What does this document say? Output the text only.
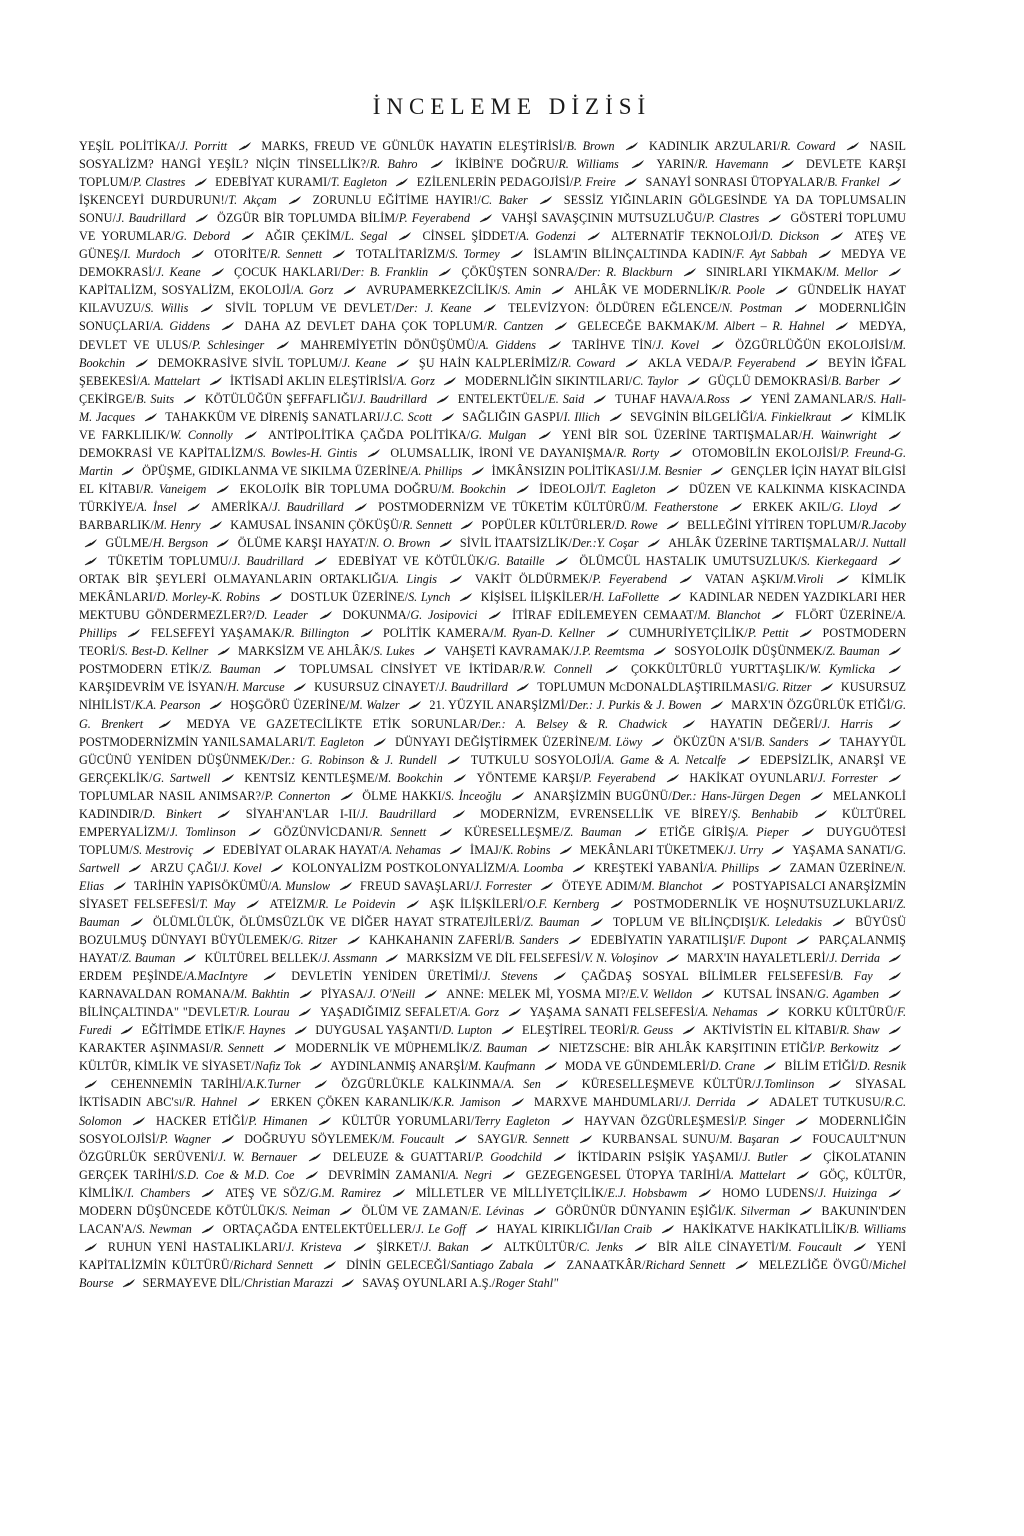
İNCELEME DİZİSİ
YEŞİL POLİTİKA/J. Porritt	MARKS, FREUD VE GÜNLÜK HAYATIN ELEŞTİRİSİ/B. Brown	KADINLIK ARZULARI/R. Coward	NASIL SOSYALİZM? HANGİ YEŞİL? NİÇİN TİNSELLİK?/R. Bahro	İKİBİN'E DOĞRU/R. Williams	YARIN/R. Havemann	DEVLETE KARŞI TOPLUM/P. Clastres EDEBİYAT KURAMI/T. Eagleton EZİLENLERİN PEDAGOJİSİ/P. Freire SANAYİ SONRASI ÜTOPYALAR/B. Frankel
İŞKENCEYİ DURDURUN!/T. Akçam	ZORUNLU EĞİTİME HAYIR!/C. Baker	SESSİZ YIĞINLARIN GÖLGESİNDE YA DA TOPLUMSALIN SONU/J. Baudrillard	ÖZGÜR BİR TOPLUMDA BİLİM/P. Feyerabend	VAHŞİ SAVAŞÇININ MUTSUZLUĞU/P. Clastres	GÖSTERİ TOPLUMU VE YORUMLAR/G. Debord	AĞIR ÇEKİM/L. Segal	CİNSEL ŞİDDET/A. Godenzi	ALTERNATİF TEKNOLOJİ/D. Dickson	ATEŞ VE GÜNEŞ/I. Murdoch	OTORİTE/R. Sennett	TOTALİTARİZM/S. Tormey	İSLAM'IN BİLİNÇALTINDA KADIN/F. Ayt Sabbah	MEDYA VE DEMOKRASİ/J. Keane	ÇOCUK HAKLARI/Der: B. Franklin	ÇÖKÜŞTEN SONRA/Der: R. Blackburn	SINIRLARI YIKMAK/M. Mellor
KAPİTALİZM, SOSYALİZM, EKOLOJİ/A. Gorz	AVRUPAMERKEZCİLİK/S. Amin	AHLÂK VE MODERNLİK/R. Poole	GÜNDELİK HAYAT KILAVUZU/S. Willis	SİVİL TOPLUM VE DEVLET/Der: J. Keane	TELEVİZYON: ÖLDÜREN EĞLENCE/N. Postman	MODERNLİĞİN SONUÇLARI/A. Giddens	DAHA AZ DEVLET DAHA ÇOK TOPLUM/R. Cantzen	GELECEĞE BAKMAK/M. Albert – R. Hahnel	MEDYA, DEVLET VE ULUS/P. Schlesinger	MAHREMİYETİN DÖNÜŞÜMÜ/A. Giddens	TARİHVE TİN/J. Kovel	ÖZGÜRLÜĞÜN EKOLOJİSİ/M. Bookchin	DEMOKRASİVE SİVİL TOPLUM/J. Keane	ŞU HAİN KALPLERİMİZ/R. Coward	AKLA VEDA/P. Feyerabend	BEYİN İĞFAL ŞEBEKESİ/A. Mattelart İKTİSADİ AKLIN ELEŞTİRİSİ/A. Gorz MODERNLİĞİN SIKINTILARI/C. Taylor GÜÇLÜ DEMOKRASİ/B. Barber
ÇEKİRGE/B. Suits	KÖTÜLÜĞÜN ŞEFFAFLIĞI/J. Baudrillard	ENTELEKTÜEL/E. Said	TUHAF HAVA/A.Ross	YENİ ZAMANLAR/S. Hall-M. Jacques TAHAKKÜM VE DİRENİŞ SANATLARI/J.C. Scott SAĞLIĞIN GASPI/I. Illich SEVGİNİN BİLGELİĞİ/A. Finkielkraut KİMLİK VE FARKLILIK/W. Connolly	ANTİPOLİTİKA ÇAĞDA POLİTİKA/G. Mulgan	YENİ BİR SOL ÜZERİNE TARTIŞMALAR/H. Wainwright
DEMOKRASİ VE KAPİTALİZM/S. Bowles-H. Gintis	OLUMSALLIK, İRONİ VE DAYANIŞMA/R. Rorty	OTOMOBİLİN EKOLOJİSİ/P. Freund-G. Martin ÖPÜŞME, GIDIKLANMA VE SIKILMA ÜZERİNE/A. Phillips İMKÂNSIZIN POLİTİKASI/J.M. Besnier GENÇLER İÇİN HAYAT BİLGİSİ EL KİTABI/R. Vaneigem	EKOLOJİK BİR TOPLUMA DOĞRU/M. Bookchin	İDEOLOJİ/T. Eagleton	DÜZEN VE KALKINMA KISKACINDA TÜRKİYE/A. İnsel	AMERİKA/J. Baudrillard	POSTMODERNİZM VE TÜKETİM KÜLTÜRÜ/M. Featherstone	ERKEK AKIL/G. Lloyd
BARBARLIK/M. Henry KAMUSAL İNSANIN ÇÖKÜŞÜ/R. Sennett POPÜLER KÜLTÜRLER/D. Rowe BELLEĞİNİ YİTİREN TOPLUM/R.Jacoby
GÜLME/H. Bergson ÖLÜME KARŞI HAYAT/N. O. Brown SİVİL İTAATSİZLİK/Der.:Y. Coşar AHLÂK ÜZERİNE TARTIŞMALAR/J. Nuttall
TÜKETİM TOPLUMU/J. Baudrillard	EDEBİYAT VE KÖTÜLÜK/G. Bataille	ÖLÜMCÜL HASTALIK UMUTSUZLUK/S. Kierkegaard
ORTAK BİR ŞEYLERİ OLMAYANLARIN ORTAKLIĞI/A. Lingis	VAKİT ÖLDÜRMEK/P. Feyerabend	VATAN AŞKI/M.Viroli	KİMLİK MEKÂNLARI/D. Morley-K. Robins DOSTLUK ÜZERİNE/S. Lynch KİŞİSEL İLİŞKİLER/H. LaFollette KADINLAR NEDEN YAZDIKLARI HER MEKTUBU GÖNDERMEZLER?/D. Leader	DOKUNMA/G. Josipovici	İTİRAF EDİLEMEYEN CEMAAT/M. Blanchot	FLÖRT ÜZERİNE/A. Phillips	FELSEFEYİ YAŞAMAK/R. Billington	POLİTİK KAMERA/M. Ryan-D. Kellner	CUMHURİYETÇİLİK/P. Pettit	POSTMODERN TEORİ/S. Best-D. Kellner MARKSİZM VE AHLÂK/S. Lukes VAHŞETİ KAVRAMAK/J.P. Reemtsma SOSYOLOJİK DÜŞÜNMEK/Z. Bauman
POSTMODERN ETİK/Z. Bauman	TOPLUMSAL CİNSİYET VE İKTİDAR/R.W. Connell	ÇOKKÜLTÜRLÜ YURTTAŞLIK/W. Kymlicka
KARŞIDEVRİM VE İSYAN/H. Marcuse KUSURSUZ CİNAYET/J. Baudrillard TOPLUMUN McDONALDLAŞTIRILMASI/G. Ritzer KUSURSUZ NİHİLİST/K.A. Pearson HOŞGÖRÜ ÜZERİNE/M. Walzer 21. YÜZYIL ANARŞİZMİ/Der.: J. Purkis & J. Bowen MARX'IN ÖZGÜRLÜK ETİĞİ/G. G. Brenkert	MEDYA VE GAZETECİLİKTE ETİK SORUNLAR/Der.: A. Belsey & R. Chadwick	HAYATIN DEĞERİ/J. Harris
POSTMODERNİZMİN YANILSAMALARI/T. Eagleton	DÜNYAYI DEĞİŞTİRMEK ÜZERİNE/M. Löwy	ÖKÜZÜN A'SI/B. Sanders	TAHAYYÜL GÜCÜNÜ YENİDEN DÜŞÜNMEK/Der.: G. Robinson & J. Rundell	TUTKULU SOSYOLOJİ/A. Game & A. Netcalfe	EDEPSİZLİK, ANARŞİ VE GERÇEKLİK/G. Sartwell	KENTSİZ KENTLEŞME/M. Bookchin	YÖNTEME KARŞI/P. Feyerabend	HAKİKAT OYUNLARI/J. Forrester
TOPLUMLAR NASIL ANIMSAR?/P. Connerton	ÖLME HAKKI/S. İnceoğlu	ANARŞİZMİN BUGÜNÜ/Der.: Hans-Jürgen Degen	MELANKOLİ KADINDIR/D. Binkert	SİYAH'AN'LAR I-II/J. Baudrillard	MODERNİZM, EVRENSELLİK VE BİREY/Ş. Benhabib	KÜLTÜREL EMPERYALİZM/J. Tomlinson	GÖZÜNVİCDANI/R. Sennett	KÜRESELLEŞME/Z. Bauman	ETİĞE GİRİŞ/A. Pieper	DUYGUÖTESİ TOPLUM/S. Mestroviç EDEBİYAT OLARAK HAYAT/A. Nehamas İMAJ/K. Robins MEKÂNLARI TÜKETMEK/J. Urry YAŞAMA SANATI/G. Sartwell ARZU ÇAĞI/J. Kovel KOLONYALİZM POSTKOLONYALİZM/A. Loomba KREŞTEKİ YABANİ/A. Phillips ZAMAN ÜZERİNE/N. Elias TARİHİN YAPISÖKÜMÜ/A. Munslow FREUD SAVAŞLARI/J. Forrester ÖTEYE ADIM/M. Blanchot POSTYAPISALCI ANARŞİZMİN SİYASET FELSEFESİ/T. May	ATEİZM/R. Le Poidevin	AŞK İLİŞKİLERİ/O.F. Kernberg	POSTMODERNLİK VE HOŞNUTSUZLUKLARI/Z. Bauman	ÖLÜMLÜLÜK, ÖLÜMSÜZLÜK VE DİĞER HAYAT STRATEJİLERİ/Z. Bauman	TOPLUM VE BİLİNÇDIŞI/K. Leledakis	BÜYÜSÜ BOZULMUŞ DÜNYAYI BÜYÜLEMEK/G. Ritzer	KAHKAHANIN ZAFERİ/B. Sanders	EDEBİYATIN YARATILIŞI/F. Dupont	PARÇALANMIŞ HAYAT/Z. Bauman KÜLTÜREL BELLEK/J. Assmann MARKSİZM VE DİL FELSEFESİ/V. N. Voloşinov MARX'IN HAYALETLERİ/J. Derrida
ERDEM PEŞİNDE/A.MacIntyre	DEVLETİN YENİDEN ÜRETİMİ/J. Stevens	ÇAĞDAŞ SOSYAL BİLİMLER FELSEFESİ/B. Fay
KARNAVALDAN ROMANA/M. Bakhtin	PİYASA/J. O'Neill	ANNE: MELEK Mİ, YOSMA MI?/E.V. Welldon	KUTSAL İNSAN/G. Agamben
BİLİNÇALTINDA" "DEVLET/R. Lourau	YAŞADIĞIMIZ SEFALET/A. Gorz	YAŞAMA SANATI FELSEFESİ/A. Nehamas	KORKU KÜLTÜRÜ/F. Furedi EĞİTİMDE ETİK/F. Haynes DUYGUSAL YAŞANTI/D. Lupton ELEŞTİREL TEORİ/R. Geuss AKTİVİSTİN EL KİTABI/R. Shaw
KARAKTER AŞINMASI/R. Sennett	MODERNLİK VE MÜPHEMLİK/Z. Bauman	NIETZSCHE: BİR AHLÂK KARŞITININ ETİĞİ/P. Berkowitz
KÜLTÜR, KİMLİK VE SİYASET/Nafiz Tok AYDINLANMIŞ ANARŞİ/M. Kaufmann MODA VE GÜNDEMLERİ/D. Crane BİLİM ETİĞİ/D. Resnik
CEHENNEMİN TARİHİ/A.K.Turner	ÖZGÜRLÜKLE KALKINMA/A. Sen	KÜRESELLEŞMEVE KÜLTÜR/J.Tomlinson	SİYASAL İKTİSADIN ABC'si/R. Hahnel	ERKEN ÇÖKEN KARANLIK/K.R. Jamison	MARXVE MAHDUMLARI/J. Derrida	ADALET TUTKUSU/R.C. Solomon	HACKER ETİĞİ/P. Himanen	KÜLTÜR YORUMLARI/Terry Eagleton	HAYVAN ÖZGÜRLEŞMESİ/P. Singer	MODERNLİĞİN SOSYOLOJİSİ/P. Wagner	DOĞRUYU SÖYLEMEK/M. Foucault	SAYGI/R. Sennett	KURBANSAL SUNU/M. Başaran	FOUCAULT'NUN ÖZGÜRLÜK SERÜVENİ/J. W. Bernauer	DELEUZE & GUATTARI/P. Goodchild	İKTİDARIN PSİŞİK YAŞAMI/J. Butler	ÇİKOLATANIN GERÇEK TARİHİ/S.D. Coe & M.D. Coe	DEVRİMİN ZAMANI/A. Negri	GEZEGENGESEL ÜTOPYA TARİHİ/A. Mattelart	GÖÇ, KÜLTÜR, KİMLİK/I. Chambers	ATEŞ VE SÖZ/G.M. Ramirez	MİLLETLER VE MİLLİYETÇİLİK/E.J. Hobsbawm	HOMO LUDENS/J. Huizinga
MODERN DÜŞÜNCEDE KÖTÜLÜK/S. Neiman	ÖLÜM VE ZAMAN/E. Lévinas	GÖRÜNÜR DÜNYANIN EŞİĞİ/K. Silverman	BAKUNIN'DEN LACAN'A/S. Newman	ORTAÇAĞDA ENTELEKTÜELLER/J. Le Goff	HAYAL KIRIKLIĞI/Ian Craib	HAKİKATVE HAKİKATLİLİK/B. Williams
RUHUN YENİ HASTALIKLARI/J. Kristeva	ŞİRKET/J. Bakan	ALTKÜLTÜR/C. Jenks	BİR AİLE CİNAYETİ/M. Foucault	YENİ KAPİTALİZMİN KÜLTÜRÜ/Richard Sennett	DİNİN GELECEĞİ/Santiago Zabala	ZANAATKÂR/Richard Sennett	MELEZLİĞE ÖVGÜ/Michel Bourse SERMAYEVE DİL/Christian Marazzi SAVAŞ OYUNLARI A.Ş./Roger Stahl"
